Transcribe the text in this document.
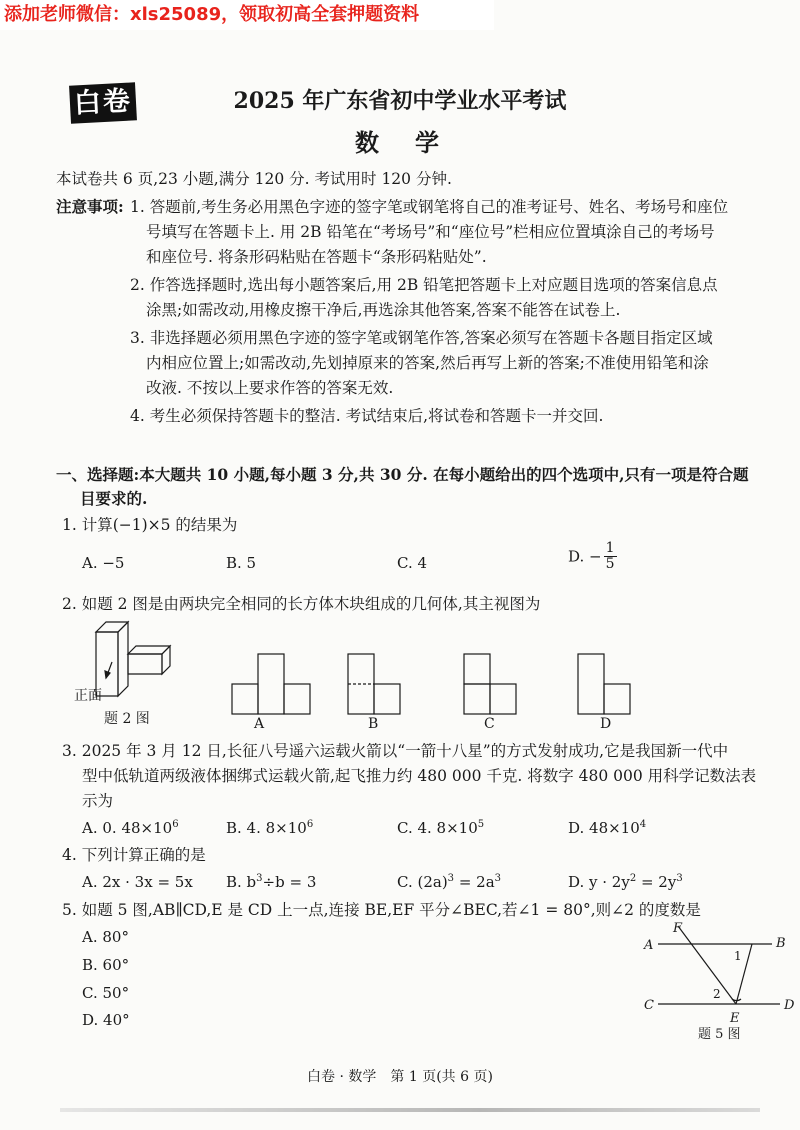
添加老师微信：xls25089，领取初高全套押题资料
白卷	2025 年广东省初中学业水平考试
数　学
本试卷共 6 页,23 小题,满分 120 分. 考试用时 120 分钟.
注意事项: 1. 答题前,考生务必用黑色字迹的签字笔或钢笔将自己的准考证号、姓名、考场号和座位
号填写在答题卡上. 用 2B 铅笔在“考场号”和“座位号”栏相应位置填涂自己的考场号
和座位号. 将条形码粘贴在答题卡“条形码粘贴处”.
2. 作答选择题时,选出每小题答案后,用 2B 铅笔把答题卡上对应题目选项的答案信息点
涂黑;如需改动,用橡皮擦干净后,再选涂其他答案,答案不能答在试卷上.
3. 非选择题必须用黑色字迹的签字笔或钢笔作答,答案必须写在答题卡各题目指定区域
内相应位置上;如需改动,先划掉原来的答案,然后再写上新的答案;不准使用铅笔和涂
改液. 不按以上要求作答的答案无效.
4. 考生必须保持答题卡的整洁. 考试结束后,将试卷和答题卡一并交回.
一、选择题:本大题共 10 小题,每小题 3 分,共 30 分. 在每小题给出的四个选项中,只有一项是符合题
目要求的.
1. 计算(−1)×5 的结果为
A. −5	B. 5	C. 4	D. − $\frac{1}{5}$
2. 如题 2 图是由两块完全相同的长方体木块组成的几何体,其主视图为
正面
题 2 图	A	B	C	D
3. 2025 年 3 月 12 日,长征八号遥六运载火箭以“一箭十八星”的方式发射成功,它是我国新一代中
型中低轨道两级液体捆绑式运载火箭,起飞推力约 480 000 千克. 将数字 480 000 用科学记数法表
示为
A. 0. $48\times 10^6$	B. 4. $8\times 10^6$	C. 4. $8\times 10^5$	D. $48\times 10^4$
4. 下列计算正确的是
A. 2x · 3x = 5x B. $b^3\div b = 3$	C. $(2a)^3 = 2a^3$	D. $y \cdot 2y^2 = 2y^3$
5. 如题 5 图,AB∥CD,E 是 CD 上一点,连接 BE,EF 平分∠BEC,若∠1 = 80°,则∠2 的度数是
A. 80°
B. 60°
C. 50°
D. 40°
F
A	B
C	D
E
1
2
题 5 图
白卷 · 数学　第 1 页(共 6 页)
